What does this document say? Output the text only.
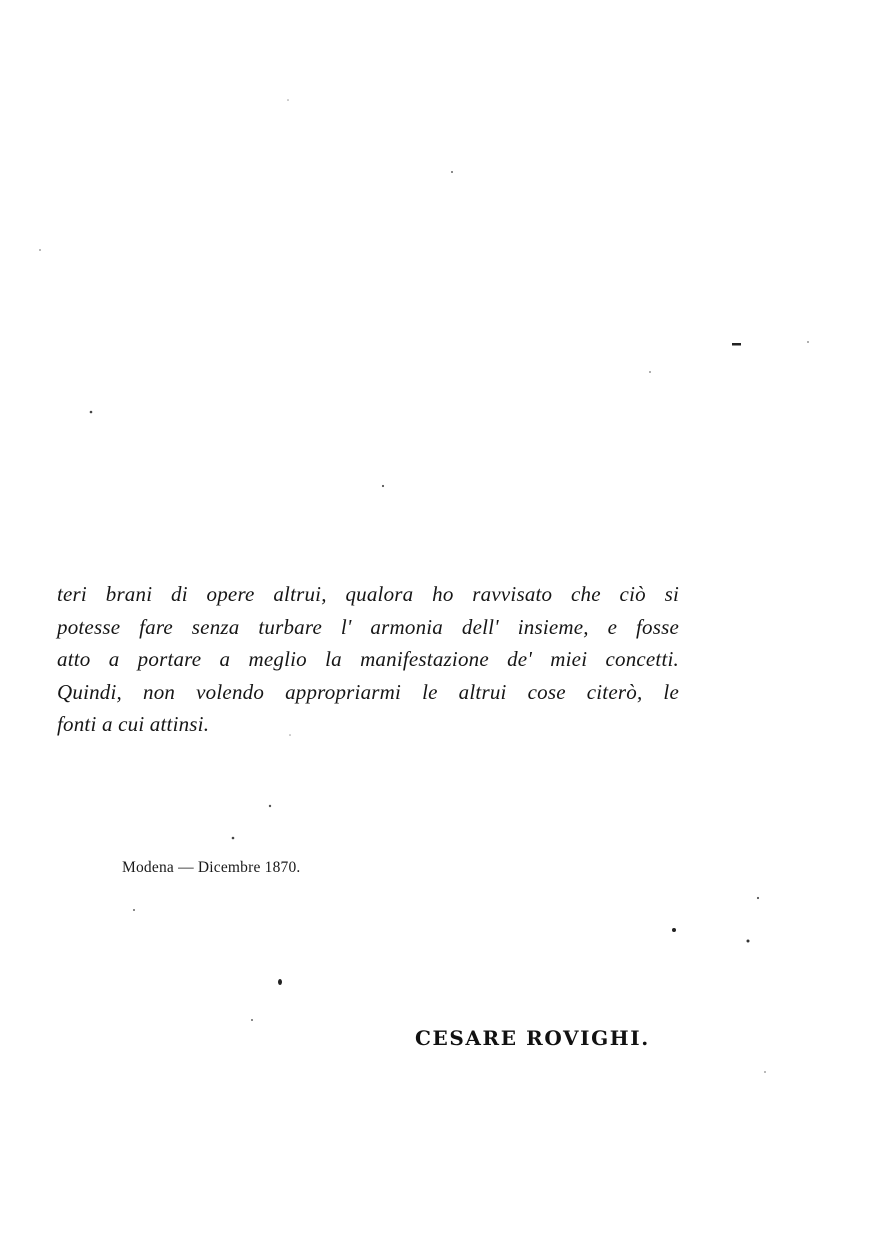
teri brani di opere altrui, qualora ho ravvisato che ciò si
potesse fare senza turbare l' armonia dell' insieme, e fosse
atto a portare a meglio la manifestazione de' miei concetti.
Quindi, non volendo appropriarmi le altrui cose citerò, le
fonti a cui attinsi.

Modena — Dicembre 1870.

CESARE ROVIGHI.
